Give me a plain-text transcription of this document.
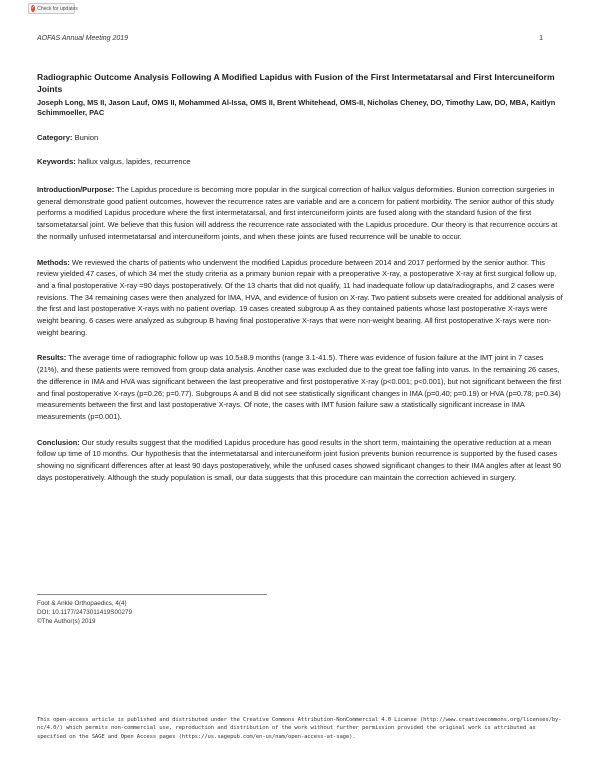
✓ Check for updates
AOFAS Annual Meeting 2019	1
Radiographic Outcome Analysis Following A Modified Lapidus with Fusion of the First Intermetatarsal and First Intercuneiform Joints
Joseph Long, MS II, Jason Lauf, OMS II, Mohammed Al-Issa, OMS II, Brent Whitehead, OMS-II, Nicholas Cheney, DO, Timothy Law, DO, MBA, Kaitlyn Schimmoeller, PAC
Category: Bunion
Keywords: hallux valgus, lapides, recurrence
Introduction/Purpose: The Lapidus procedure is becoming more popular in the surgical correction of hallux valgus deformities. Bunion correction surgeries in general demonstrate good patient outcomes, however the recurrence rates are variable and are a concern for patient morbidity. The senior author of this study performs a modified Lapidus procedure where the first intermetatarsal, and first intercuneiform joints are fused along with the standard fusion of the first tarsometatarsal joint. We believe that this fusion will address the recurrence rate associated with the Lapidus procedure. Our theory is that recurrence occurs at the normally unfused intermetatarsal and intercuneiform joints, and when these joints are fused recurrence will be unable to occur.
Methods: We reviewed the charts of patients who underwent the modified Lapidus procedure between 2014 and 2017 performed by the senior author. This review yielded 47 cases, of which 34 met the study criteria as a primary bunion repair with a preoperative X-ray, a postoperative X-ray at first surgical follow up, and a final postoperative X-ray =90 days postoperatively. Of the 13 charts that did not qualify, 11 had inadequate follow up data/radiographs, and 2 cases were revisions. The 34 remaining cases were then analyzed for IMA, HVA, and evidence of fusion on X-ray. Two patient subsets were created for additional analysis of the first and last postoperative X-rays with no patient overlap. 19 cases created subgroup A as they contained patients whose last postoperative X-rays were weight bearing. 6 cases were analyzed as subgroup B having final postoperative X-rays that were non-weight bearing. All first postoperative X-rays were non-weight bearing.
Results: The average time of radiographic follow up was 10.5±8.9 months (range 3.1-41.5). There was evidence of fusion failure at the IMT joint in 7 cases (21%), and these patients were removed from group data analysis. Another case was excluded due to the great toe falling into varus. In the remaining 26 cases, the difference in IMA and HVA was significant between the last preoperative and first postoperative X-ray (p<0.001; p<0.001), but not significant between the first and final postoperative X-rays (p=0.26; p=0.77). Subgroups A and B did not see statistically significant changes in IMA (p=0.40; p=0.19) or HVA (p=0.78; p=0.34) measurements between the first and last postoperative X-rays. Of note, the cases with IMT fusion failure saw a statistically significant increase in IMA measurements (p=0.001).
Conclusion: Our study results suggest that the modified Lapidus procedure has good results in the short term, maintaining the operative reduction at a mean follow up time of 10 months. Our hypothesis that the intermetatarsal and intercuneiform joint fusion prevents bunion recurrence is supported by the fused cases showing no significant differences after at least 90 days postoperatively, while the unfused cases showed significant changes to their IMA angles after at least 90 days postoperatively. Although the study population is small, our data suggests that this procedure can maintain the correction achieved in surgery.
Foot & Ankle Orthopaedics, 4(4)
DOI: 10.1177/2473011419S00279
©The Author(s) 2019
This open-access article is published and distributed under the Creative Commons Attribution-NonCommercial 4.0 License (http://www.creativecommons.org/licenses/by-nc/4.0/) which permits non-commercial use, reproduction and distribution of the work without further permission provided the original work is attributed as specified on the SAGE and Open Access pages (https://us.sagepub.com/en-us/nam/open-access-at-sage).
